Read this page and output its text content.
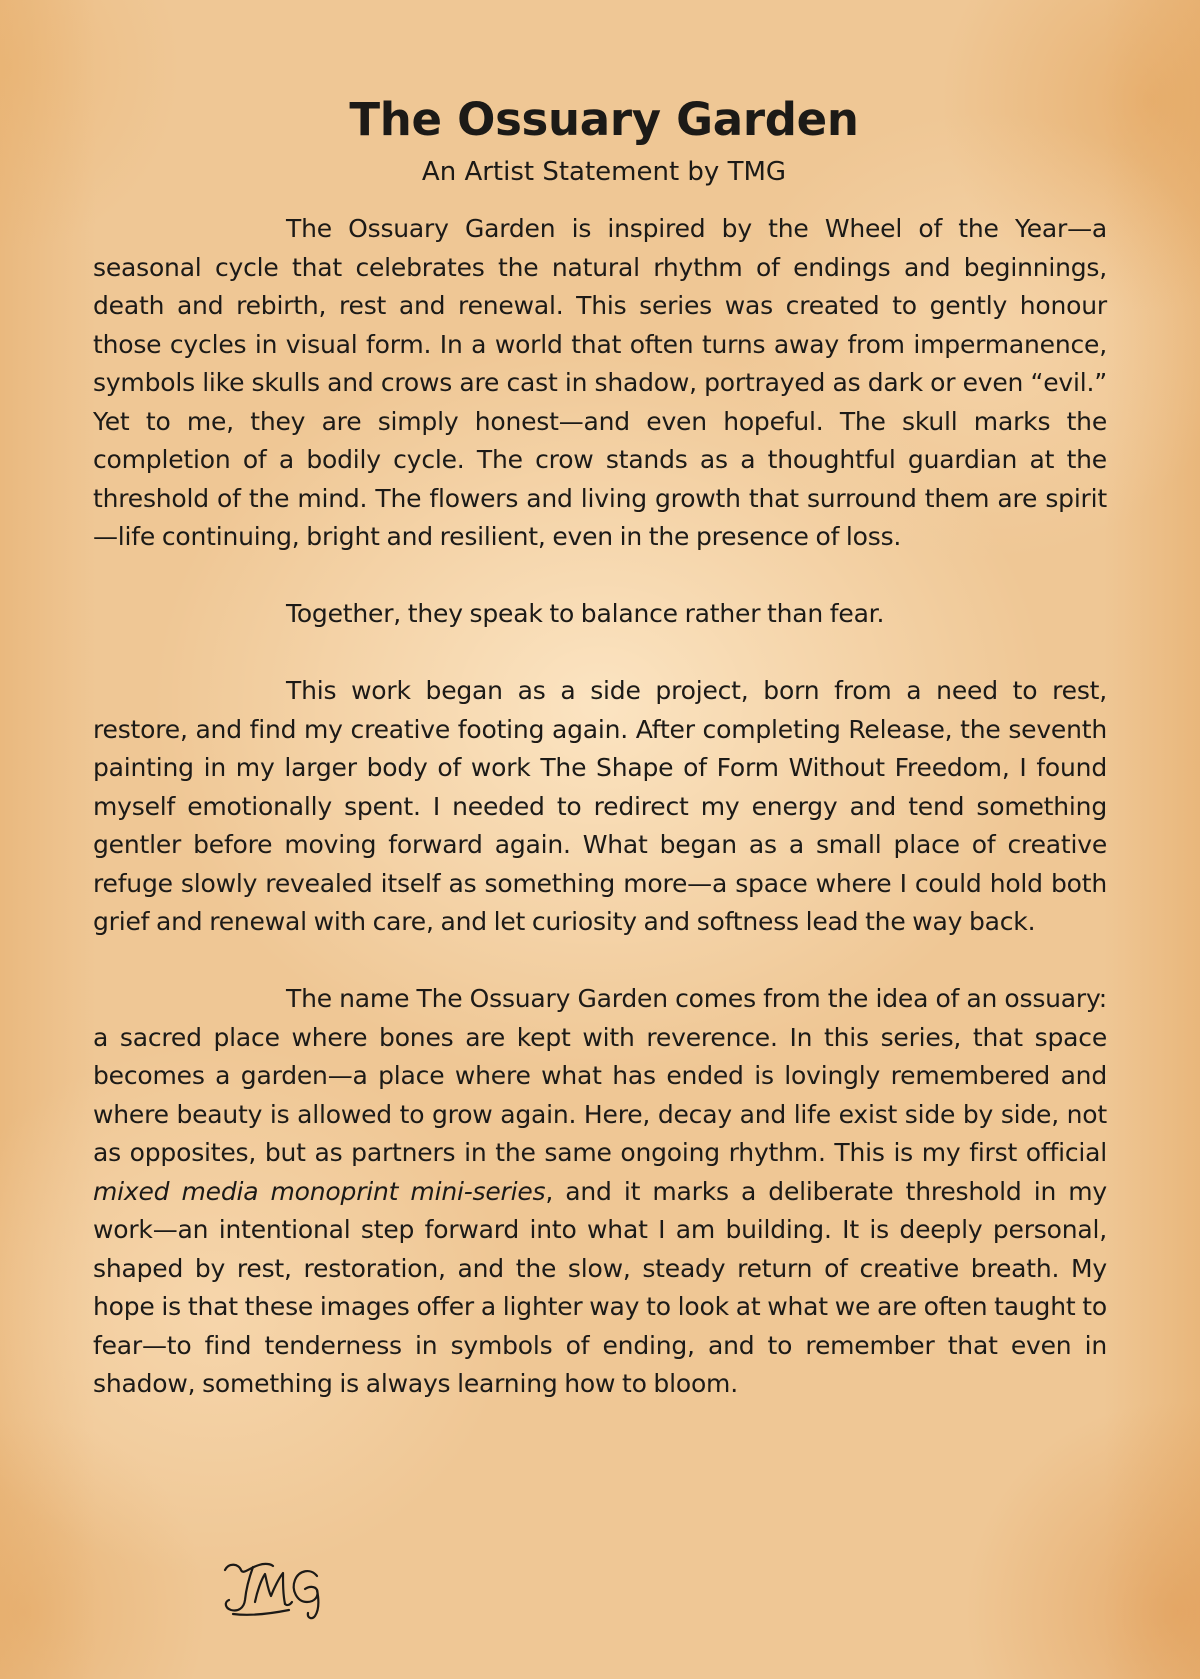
The Ossuary Garden

An Artist Statement by TMG

The Ossuary Garden is inspired by the Wheel of the Year—a seasonal cycle that celebrates the natural rhythm of endings and beginnings, death and rebirth, rest and renewal. This series was created to gently honour those cycles in visual form. In a world that often turns away from impermanence, symbols like skulls and crows are cast in shadow, portrayed as dark or even “evil.” Yet to me, they are simply honest—and even hopeful. The skull marks the completion of a bodily cycle. The crow stands as a thoughtful guardian at the threshold of the mind. The flowers and living growth that surround them are spirit—life continuing, bright and resilient, even in the presence of loss.

Together, they speak to balance rather than fear.

This work began as a side project, born from a need to rest, restore, and find my creative footing again. After completing Release, the seventh painting in my larger body of work The Shape of Form Without Freedom, I found myself emotionally spent. I needed to redirect my energy and tend something gentler before moving forward again. What began as a small place of creative refuge slowly revealed itself as something more—a space where I could hold both grief and renewal with care, and let curiosity and softness lead the way back.

The name The Ossuary Garden comes from the idea of an ossuary: a sacred place where bones are kept with reverence. In this series, that space becomes a garden—a place where what has ended is lovingly remembered and where beauty is allowed to grow again. Here, decay and life exist side by side, not as opposites, but as partners in the same ongoing rhythm. This is my first official mixed media monoprint mini-series, and it marks a deliberate threshold in my work—an intentional step forward into what I am building. It is deeply personal, shaped by rest, restoration, and the slow, steady return of creative breath. My hope is that these images offer a lighter way to look at what we are often taught to fear—to find tenderness in symbols of ending, and to remember that even in shadow, something is always learning how to bloom.
